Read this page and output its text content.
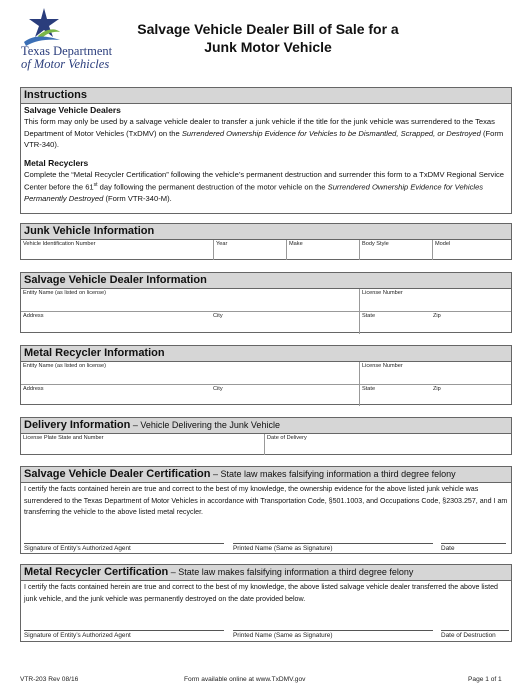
Texas Department
of Motor Vehicles
Salvage Vehicle Dealer Bill of Sale for a
Junk Motor Vehicle
Instructions
Salvage Vehicle Dealers
This form may only be used by a salvage vehicle dealer to transfer a junk vehicle if the title for the junk vehicle was surrendered to the Texas Department of Motor Vehicles (TxDMV) on the Surrendered Ownership Evidence for Vehicles to be Dismantled, Scrapped, or Destroyed (Form VTR-340).
Metal Recyclers
Complete the “Metal Recycler Certification” following the vehicle’s permanent destruction and surrender this form to a TxDMV Regional Service Center before the 61st day following the permanent destruction of the motor vehicle on the Surrendered Ownership Evidence for Vehicles Permanently Destroyed (Form VTR-340-M).
Junk Vehicle Information
Vehicle Identification Number	Year	Make	Body Style	Model
Salvage Vehicle Dealer Information
Entity Name (as listed on license)	License Number
Address	City	State	Zip
Metal Recycler Information
Entity Name (as listed on license)	License Number
Address	City	State	Zip
Delivery Information – Vehicle Delivering the Junk Vehicle
License Plate State and Number	Date of Delivery
Salvage Vehicle Dealer Certification – State law makes falsifying information a third degree felony
I certify the facts contained herein are true and correct to the best of my knowledge, the ownership evidence for the above listed junk vehicle was surrendered to the Texas Department of Motor Vehicles in accordance with Transportation Code, §501.1003, and Occupations Code, §2303.257, and I am transferring the vehicle to the above listed metal recycler.
Signature of Entity’s Authorized Agent	Printed Name (Same as Signature)	Date
Metal Recycler Certification – State law makes falsifying information a third degree felony
I certify the facts contained herein are true and correct to the best of my knowledge, the above listed salvage vehicle dealer transferred the above listed junk vehicle, and the junk vehicle was permanently destroyed on the date provided below.
Signature of Entity’s Authorized Agent	Printed Name (Same as Signature)	Date of Destruction
VTR-203 Rev 08/16	Form available online at www.TxDMV.gov	Page 1 of 1
